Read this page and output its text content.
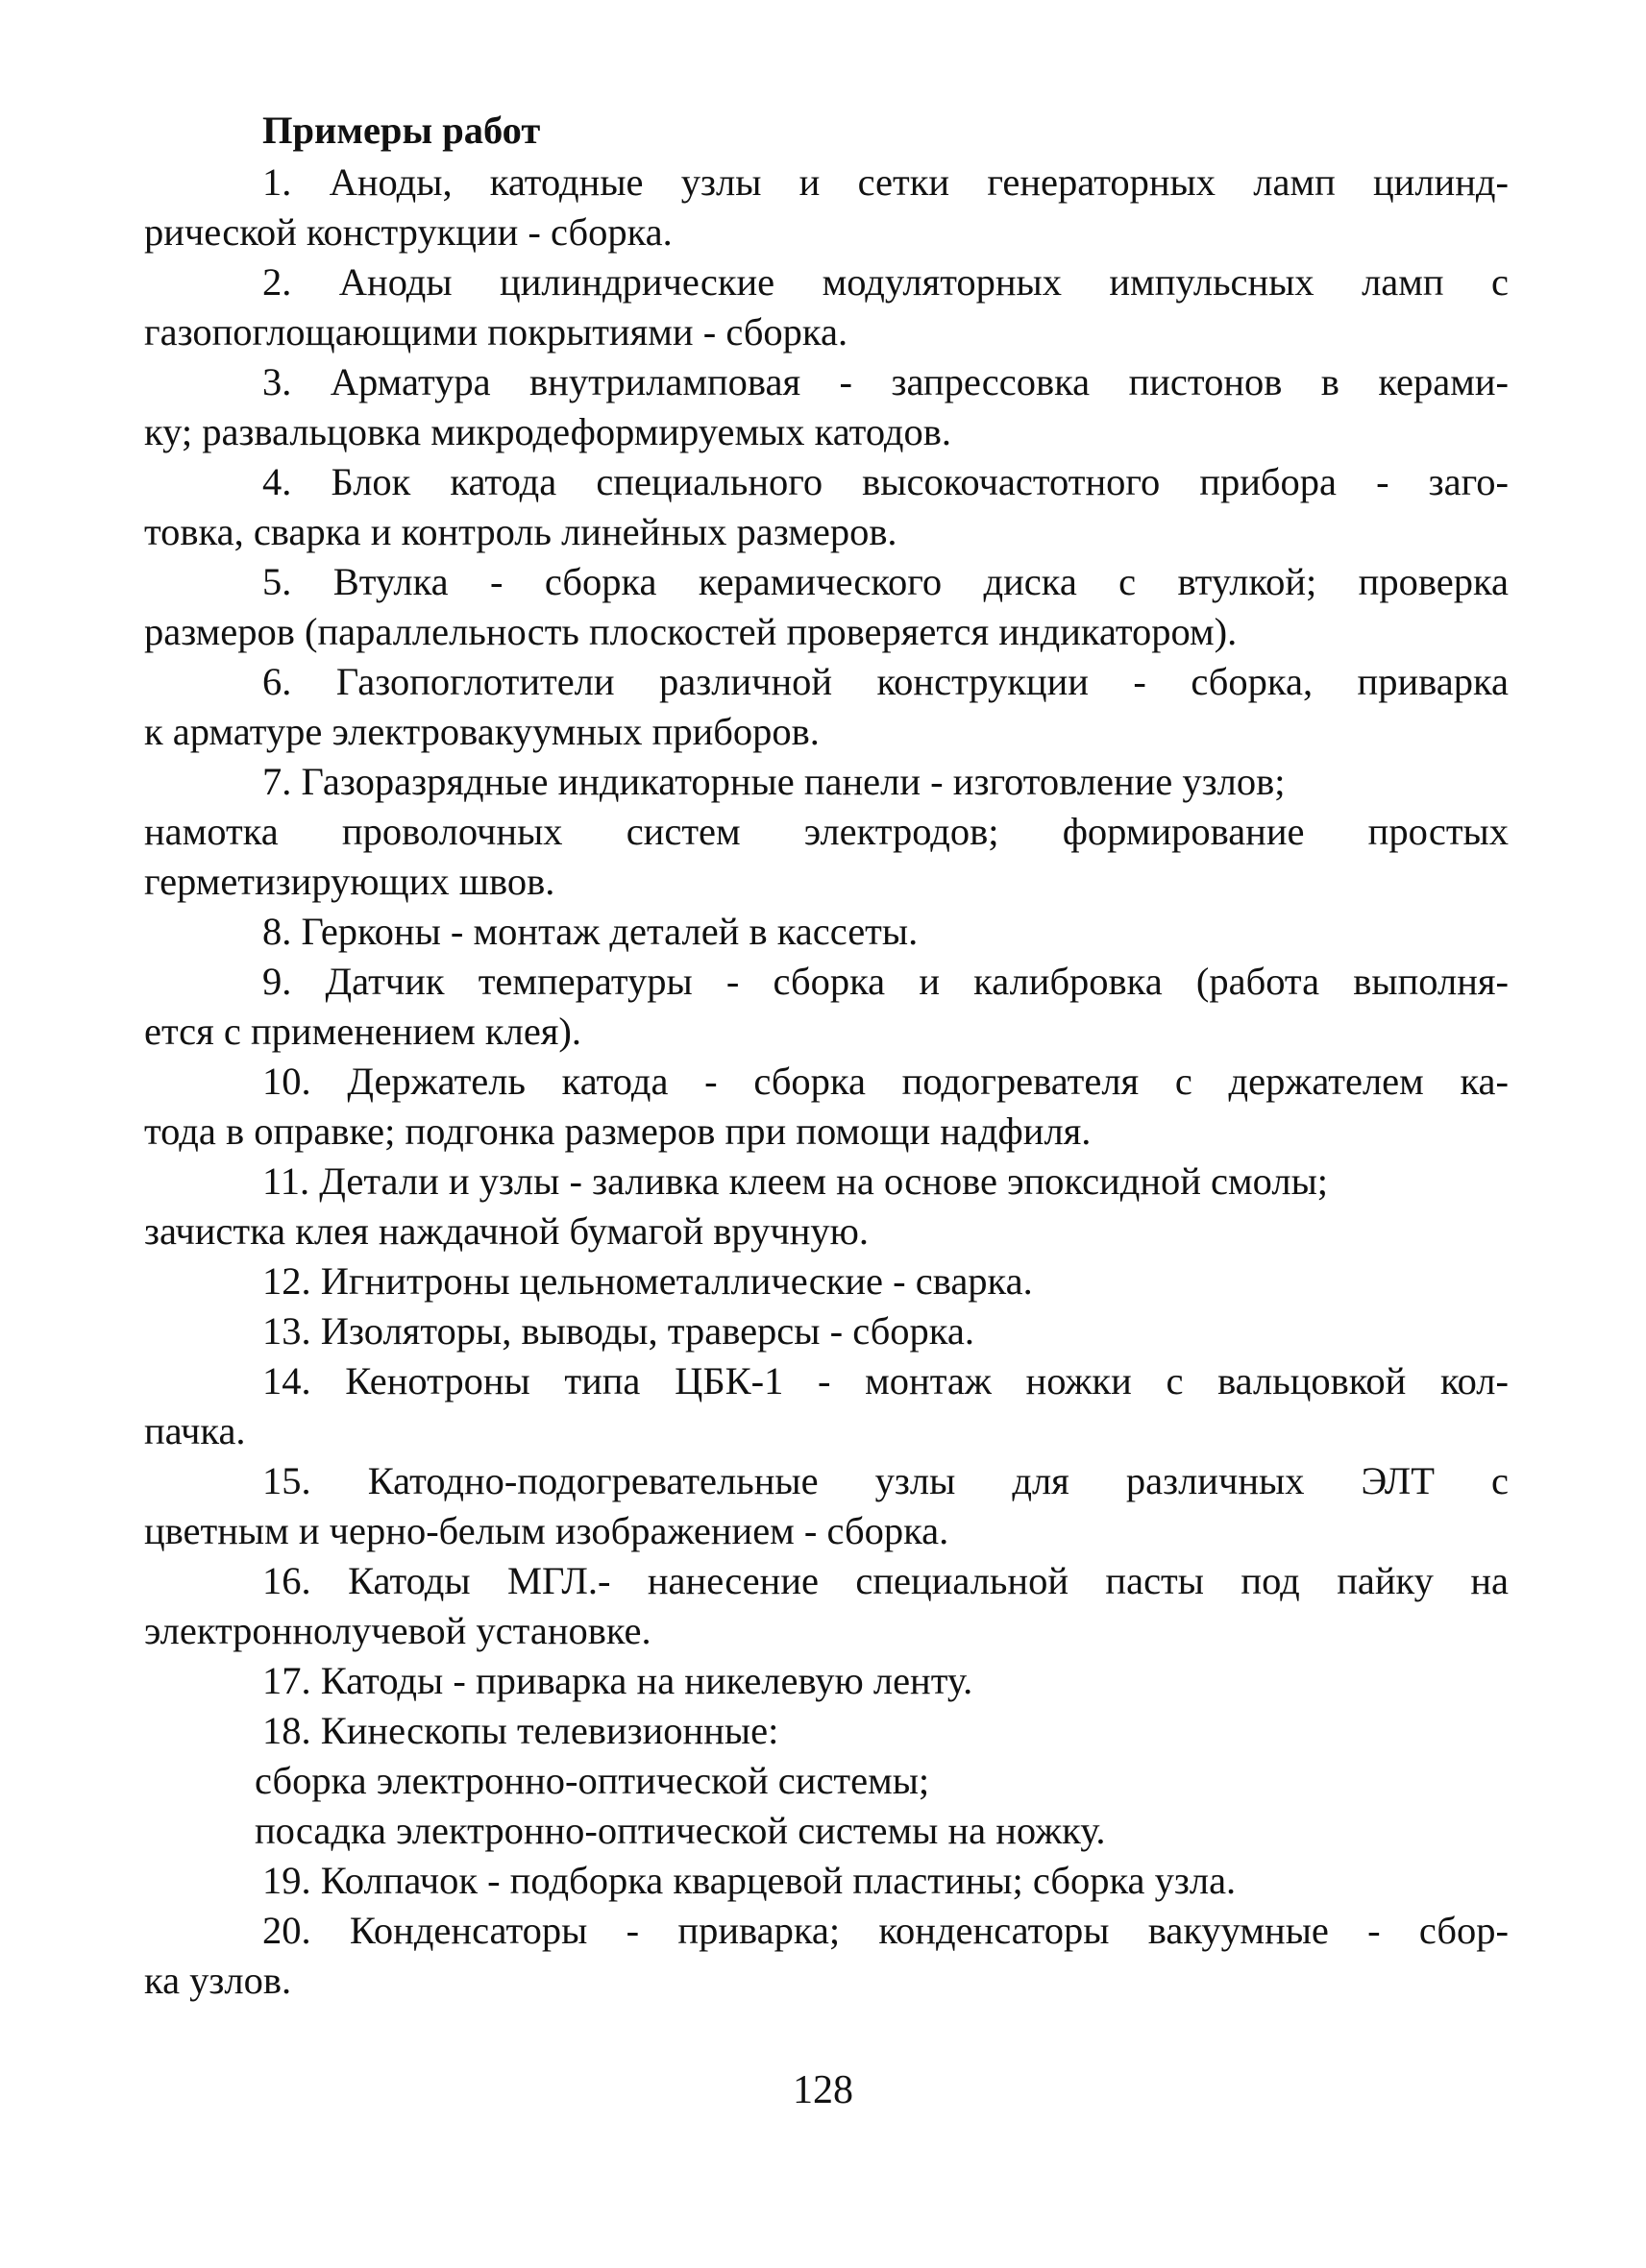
Примеры работ
1. Аноды, катодные узлы и сетки генераторных ламп цилинд-
рической конструкции - сборка.
2. Аноды цилиндрические модуляторных импульсных ламп с
газопоглощающими покрытиями - сборка.
3. Арматура внутриламповая - запрессовка пистонов в керами-
ку; развальцовка микродеформируемых катодов.
4. Блок катода специального высокочастотного прибора - заго-
товка, сварка и контроль линейных размеров.
5. Втулка - сборка керамического диска с втулкой; проверка
размеров (параллельность плоскостей проверяется индикатором).
6. Газопоглотители различной конструкции - сборка, приварка
к арматуре электровакуумных приборов.
7. Газоразрядные индикаторные панели - изготовление узлов;
намотка проволочных систем электродов; формирование простых
герметизирующих швов.
8. Герконы - монтаж деталей в кассеты.
9. Датчик температуры - сборка и калибровка (работа выполня-
ется с применением клея).
10. Держатель катода - сборка подогревателя с держателем ка-
тода в оправке; подгонка размеров при помощи надфиля.
11. Детали и узлы - заливка клеем на основе эпоксидной смолы;
зачистка клея наждачной бумагой вручную.
12. Игнитроны цельнометаллические - сварка.
13. Изоляторы, выводы, траверсы - сборка.
14. Кенотроны типа ЦБК-1 - монтаж ножки с вальцовкой кол-
пачка.
15. Катодно-подогревательные узлы для различных ЭЛТ с
цветным и черно-белым изображением - сборка.
16. Катоды МГЛ.- нанесение специальной пасты под пайку на
электроннолучевой установке.
17. Катоды - приварка на никелевую ленту.
18. Кинескопы телевизионные:
сборка электронно-оптической системы;
посадка электронно-оптической системы на ножку.
19. Колпачок - подборка кварцевой пластины; сборка узла.
20. Конденсаторы - приварка; конденсаторы вакуумные - сбор-
ка узлов.
128
